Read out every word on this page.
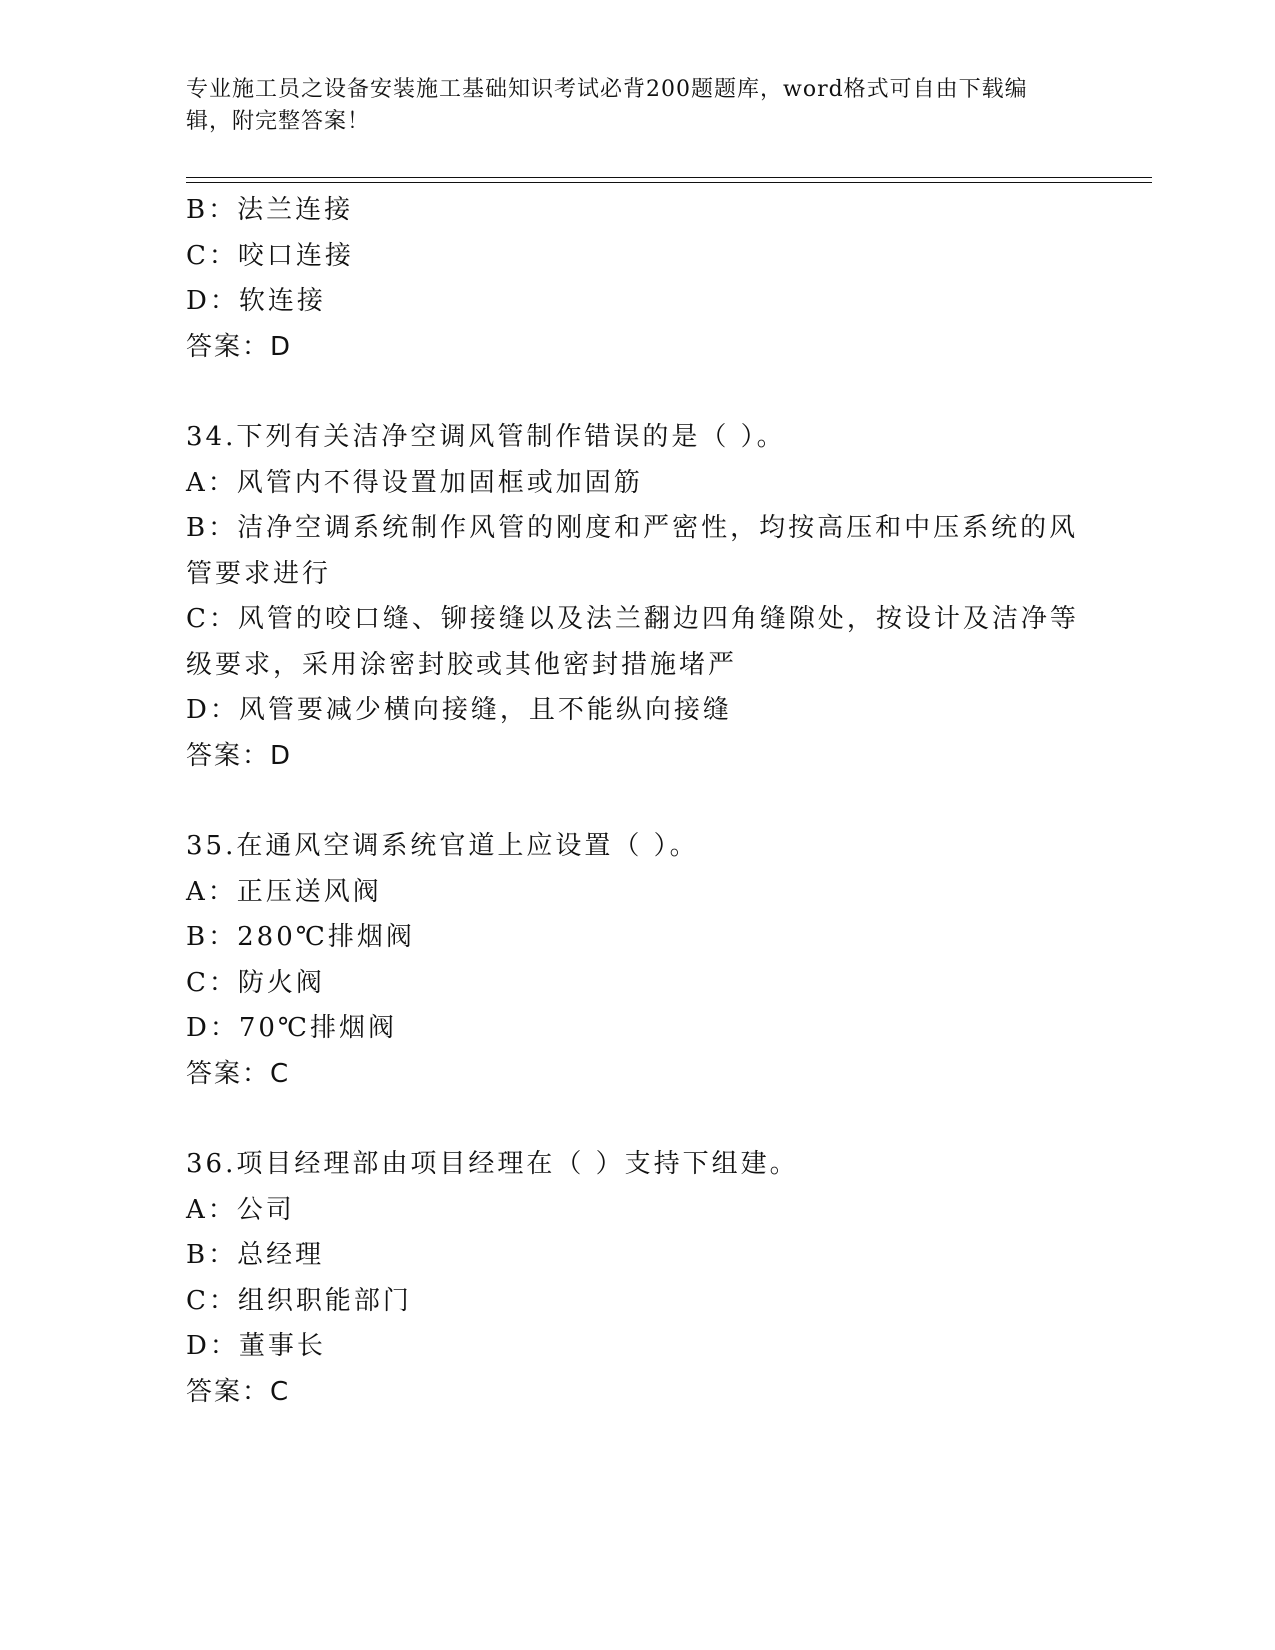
专业施工员之设备安装施工基础知识考试必背200题题库，word格式可自由下载编辑，附完整答案！

B：法兰连接

C：咬口连接

D：软连接

答案：D

34.下列有关洁净空调风管制作错误的是（ ）。

A：风管内不得设置加固框或加固筋

B：洁净空调系统制作风管的刚度和严密性，均按高压和中压系统的风管要求进行

C：风管的咬口缝、铆接缝以及法兰翻边四角缝隙处，按设计及洁净等级要求，采用涂密封胶或其他密封措施堵严

D：风管要减少横向接缝，且不能纵向接缝

答案：D

35.在通风空调系统官道上应设置（ ）。

A：正压送风阀

B：280℃排烟阀

C：防火阀

D：70℃排烟阀

答案：C

36.项目经理部由项目经理在（ ）支持下组建。

A：公司

B：总经理

C：组织职能部门

D：董事长

答案：C
